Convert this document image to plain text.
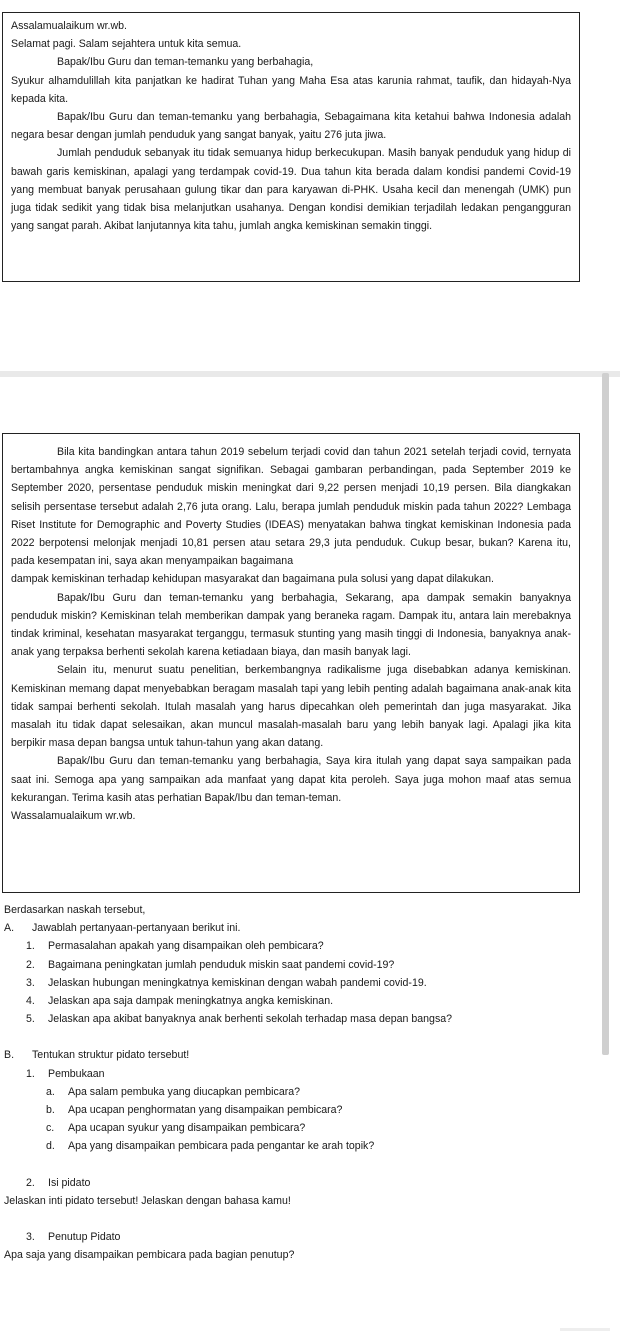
Assalamualaikum wr.wb.

Selamat pagi. Salam sejahtera untuk kita semua.

Bapak/Ibu Guru dan teman-temanku yang berbahagia,

Syukur alhamdulillah kita panjatkan ke hadirat Tuhan yang Maha Esa atas karunia rahmat, taufik, dan hidayah-Nya kepada kita.

Bapak/Ibu Guru dan teman-temanku yang berbahagia, Sebagaimana kita ketahui bahwa Indonesia adalah negara besar dengan jumlah penduduk yang sangat banyak, yaitu 276 juta jiwa.

Jumlah penduduk sebanyak itu tidak semuanya hidup berkecukupan. Masih banyak penduduk yang hidup di bawah garis kemiskinan, apalagi yang terdampak covid-19. Dua tahun kita berada dalam kondisi pandemi Covid-19 yang membuat banyak perusahaan gulung tikar dan para karyawan di-PHK. Usaha kecil dan menengah (UMK) pun juga tidak sedikit yang tidak bisa melanjutkan usahanya. Dengan kondisi demikian terjadilah ledakan pengangguran yang sangat parah. Akibat lanjutannya kita tahu, jumlah angka kemiskinan semakin tinggi.

Bila kita bandingkan antara tahun 2019 sebelum terjadi covid dan tahun 2021 setelah terjadi covid, ternyata bertambahnya angka kemiskinan sangat signifikan. Sebagai gambaran perbandingan, pada September 2019 ke September 2020, persentase penduduk miskin meningkat dari 9,22 persen menjadi 10,19 persen. Bila diangkakan selisih persentase tersebut adalah 2,76 juta orang. Lalu, berapa jumlah penduduk miskin pada tahun 2022? Lembaga Riset Institute for Demographic and Poverty Studies (IDEAS) menyatakan bahwa tingkat kemiskinan Indonesia pada 2022 berpotensi melonjak menjadi 10,81 persen atau setara 29,3 juta penduduk. Cukup besar, bukan? Karena itu, pada kesempatan ini, saya akan menyampaikan bagaimana

dampak kemiskinan terhadap kehidupan masyarakat dan bagaimana pula solusi yang dapat dilakukan.

Bapak/Ibu Guru dan teman-temanku yang berbahagia, Sekarang, apa dampak semakin banyaknya penduduk miskin? Kemiskinan telah memberikan dampak yang beraneka ragam. Dampak itu, antara lain merebaknya tindak kriminal, kesehatan masyarakat terganggu, termasuk stunting yang masih tinggi di Indonesia, banyaknya anak-anak yang terpaksa berhenti sekolah karena ketiadaan biaya, dan masih banyak lagi.

Selain itu, menurut suatu penelitian, berkembangnya radikalisme juga disebabkan adanya kemiskinan. Kemiskinan memang dapat menyebabkan beragam masalah tapi yang lebih penting adalah bagaimana anak-anak kita tidak sampai berhenti sekolah. Itulah masalah yang harus dipecahkan oleh pemerintah dan juga masyarakat. Jika masalah itu tidak dapat selesaikan, akan muncul masalah-masalah baru yang lebih banyak lagi. Apalagi jika kita berpikir masa depan bangsa untuk tahun-tahun yang akan datang.

Bapak/Ibu Guru dan teman-temanku yang berbahagia, Saya kira itulah yang dapat saya sampaikan pada saat ini. Semoga apa yang sampaikan ada manfaat yang dapat kita peroleh. Saya juga mohon maaf atas semua kekurangan. Terima kasih atas perhatian Bapak/Ibu dan teman-teman.

Wassalamualaikum wr.wb.

Berdasarkan naskah tersebut,

A.	Jawablah pertanyaan-pertanyaan berikut ini.
1.	Permasalahan apakah yang disampaikan oleh pembicara?
2.	Bagaimana peningkatan jumlah penduduk miskin saat pandemi covid-19?
3.	Jelaskan hubungan meningkatnya kemiskinan dengan wabah pandemi covid-19.
4.	Jelaskan apa saja dampak meningkatnya angka kemiskinan.
5.	Jelaskan apa akibat banyaknya anak berhenti sekolah terhadap masa depan bangsa?
B.	Tentukan struktur pidato tersebut!
1.	Pembukaan
a.	Apa salam pembuka yang diucapkan pembicara?
b.	Apa ucapan penghormatan yang disampaikan pembicara?
c.	Apa ucapan syukur yang disampaikan pembicara?
d.	Apa yang disampaikan pembicara pada pengantar ke arah topik?
2.	Isi pidato

Jelaskan inti pidato tersebut! Jelaskan dengan bahasa kamu!

3.	Penutup Pidato

Apa saja yang disampaikan pembicara pada bagian penutup?
